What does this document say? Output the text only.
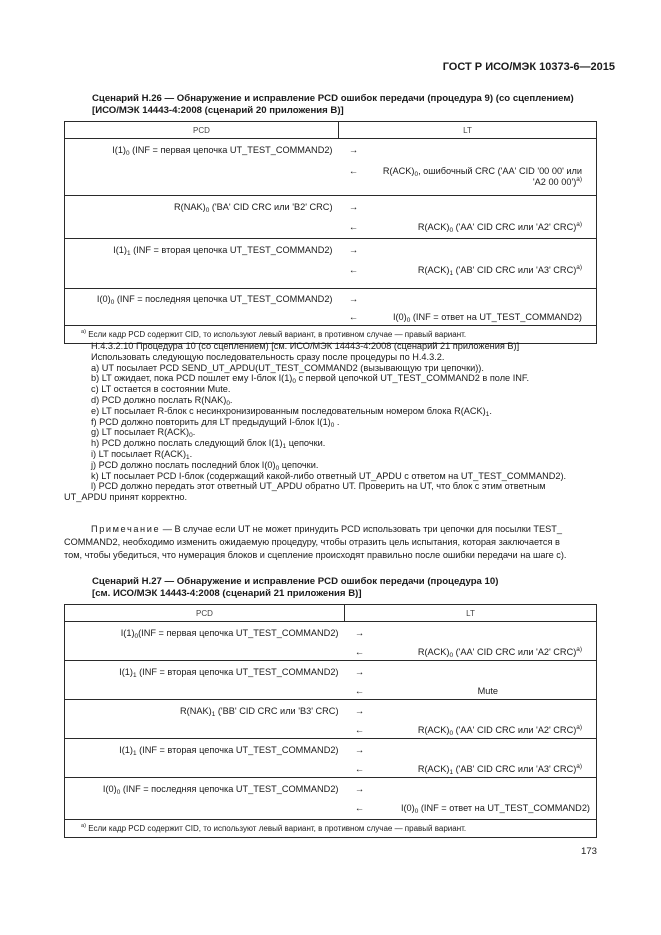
ГОСТ Р ИСО/МЭК 10373-6—2015
Сценарий Н.26 — Обнаружение и исправление PCD ошибок передачи (процедура 9) (со сцеплением)
[ИСО/МЭК 14443-4:2008 (сценарий 20 приложения В)]
PCD	LT	
$I(1)_0$ (INF = первая цепочка UT_TEST_COMMAND2)	→	
	←	$R(ACK)_0$, ошибочный CRC ('AA' CID '00 00' или
'A2 00 00')$^{a)}$
$R(NAK)_0$ ('BA' CID CRC или 'B2' CRC)	→	
	←	$R(ACK)_0$ ('AA' CID CRC или 'A2' CRC)$^{a)}$
$I(1)_1$ (INF = вторая цепочка UT_TEST_COMMAND2)	→	
	←	$R(ACK)_1$ ('AB' CID CRC или 'A3' CRC)$^{a)}$
$I(0)_0$ (INF = последняя цепочка UT_TEST_COMMAND2)	→	
	←	$I(0)_0$ (INF = ответ на UT_TEST_COMMAND2)
$^{a)}$ Если кадр PCD содержит CID, то используют левый вариант, в противном случае — правый вариант.		
Н.4.3.2.10 Процедура 10 (со сцеплением) [см. ИСО/МЭК 14443-4:2008 (сценарий 21 приложения В)]
Использовать следующую последовательность сразу после процедуры по Н.4.3.2.
a) UT посылает PCD SEND_UT_APDU(UT_TEST_COMMAND2 (вызывающую три цепочки)).
b) LT ожидает, пока PCD пошлет ему I-блок $I(1)_0$ с первой цепочкой UT_TEST_COMMAND2 в поле INF.
c) LT остается в состоянии Mute.
d) PCD должно послать $R(NAK)_0$.
e) LT посылает R-блок с несинхронизированным последовательным номером блока $R(ACK)_1$.
f) PCD должно повторить для LT предыдущий I-блок $I(1)_0$ .
g) LT посылает $R(ACK)_0$.
h) PCD должно послать следующий блок $I(1)_1$ цепочки.
i) LT посылает $R(ACK)_1$.
j) PCD должно послать последний блок $I(0)_0$ цепочки.
k) LT посылает PCD I-блок (содержащий какой-либо ответный UT_APDU с ответом на UT_TEST_COMMAND2).
l) PCD должно передать этот ответный UT_APDU обратно UT. Проверить на UT, что блок с этим ответным
UT_APDU принят корректно.
Примечание — В случае если UT не может принудить PCD использовать три цепочки для посылки TEST_
COMMAND2, необходимо изменить ожидаемую процедуру, чтобы отразить цель испытания, которая заключается в
том, чтобы убедиться, что нумерация блоков и сцепление происходят правильно после ошибки передачи на шаге c).
Сценарий Н.27 — Обнаружение и исправление PCD ошибок передачи (процедура 10)
[см. ИСО/МЭК 14443-4:2008 (сценарий 21 приложения В)]
PCD	LT	
$I(1)_0(INF$ = первая цепочка UT_TEST_COMMAND2)	→	
	←	$R(ACK)_0$ ('AA' CID CRC или 'A2' CRC)$^{a)}$
$I(1)_1$ (INF = вторая цепочка UT_TEST_COMMAND2)	→	
	←	Mute
$R(NAK)_1$ ('BB' CID CRC или 'B3' CRC)	→	
	←	$R(ACK)_0$ ('AA' CID CRC или 'A2' CRC)$^{a)}$
$I(1)_1$ (INF = вторая цепочка UT_TEST_COMMAND2)	→	
	←	$R(ACK)_1$ ('AB' CID CRC или 'A3' CRC)$^{a)}$
$I(0)_0$ (INF = последняя цепочка UT_TEST_COMMAND2)	→	
	←	$I(0)_0$ (INF = ответ на UT_TEST_COMMAND2)
$^{a)}$ Если кадр PCD содержит CID, то используют левый вариант, в противном случае — правый вариант.		
173
